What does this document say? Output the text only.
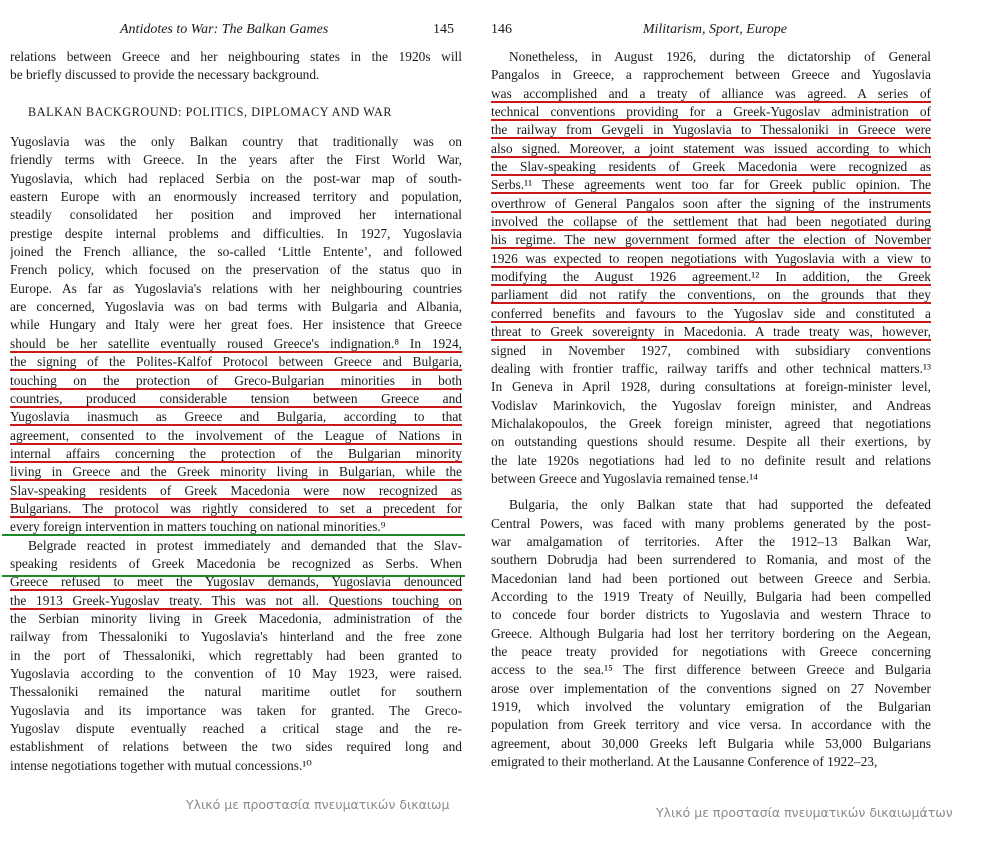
Antidotes to War: The Balkan Games	145
relations between Greece and her neighbouring states in the 1920s will
be briefly discussed to provide the necessary background.
BALKAN BACKGROUND: POLITICS, DIPLOMACY AND WAR
Yugoslavia was the only Balkan country that traditionally was on
friendly terms with Greece. In the years after the First World War,
Yugoslavia, which had replaced Serbia on the post-war map of south-
eastern Europe with an enormously increased territory and population,
steadily consolidated her position and improved her international
prestige despite internal problems and difficulties. In 1927, Yugoslavia
joined the French alliance, the so-called ‘Little Entente’, and followed
French policy, which focused on the preservation of the status quo in
Europe. As far as Yugoslavia's relations with her neighbouring countries
are concerned, Yugoslavia was on bad terms with Bulgaria and Albania,
while Hungary and Italy were her great foes. Her insistence that Greece
should be her satellite eventually roused Greece's indignation.⁸ In 1924,
the signing of the Polites-Kalfof Protocol between Greece and Bulgaria,
touching on the protection of Greco-Bulgarian minorities in both
countries, produced considerable tension between Greece and
Yugoslavia inasmuch as Greece and Bulgaria, according to that
agreement, consented to the involvement of the League of Nations in
internal affairs concerning the protection of the Bulgarian minority
living in Greece and the Greek minority living in Bulgarian, while the
Slav-speaking residents of Greek Macedonia were now recognized as
Bulgarians. The protocol was rightly considered to set a precedent for
every foreign intervention in matters touching on national minorities.⁹
Belgrade reacted in protest immediately and demanded that the Slav-
speaking residents of Greek Macedonia be recognized as Serbs. When
Greece refused to meet the Yugoslav demands, Yugoslavia denounced
the 1913 Greek-Yugoslav treaty. This was not all. Questions touching on
the Serbian minority living in Greek Macedonia, administration of the
railway from Thessaloniki to Yugoslavia's hinterland and the free zone
in the port of Thessaloniki, which regrettably had been granted to
Yugoslavia according to the convention of 10 May 1923, were raised.
Thessaloniki remained the natural maritime outlet for southern
Yugoslavia and its importance was taken for granted. The Greco-
Yugoslav dispute eventually reached a critical stage and the re-
establishment of relations between the two sides required long and
intense negotiations together with mutual concessions.¹⁰
146	Militarism, Sport, Europe
Nonetheless, in August 1926, during the dictatorship of General
Pangalos in Greece, a rapprochement between Greece and Yugoslavia
was accomplished and a treaty of alliance was agreed. A series of
technical conventions providing for a Greek-Yugoslav administration of
the railway from Gevgeli in Yugoslavia to Thessaloniki in Greece were
also signed. Moreover, a joint statement was issued according to which
the Slav-speaking residents of Greek Macedonia were recognized as
Serbs.¹¹ These agreements went too far for Greek public opinion. The
overthrow of General Pangalos soon after the signing of the instruments
involved the collapse of the settlement that had been negotiated during
his regime. The new government formed after the election of November
1926 was expected to reopen negotiations with Yugoslavia with a view to
modifying the August 1926 agreement.¹² In addition, the Greek
parliament did not ratify the conventions, on the grounds that they
conferred benefits and favours to the Yugoslav side and constituted a
threat to Greek sovereignty in Macedonia. A trade treaty was, however,
signed in November 1927, combined with subsidiary conventions
dealing with frontier traffic, railway tariffs and other technical matters.¹³
In Geneva in April 1928, during consultations at foreign-minister level,
Vodislav Marinkovich, the Yugoslav foreign minister, and Andreas
Michalakopoulos, the Greek foreign minister, agreed that negotiations
on outstanding questions should resume. Despite all their exertions, by
the late 1920s negotiations had led to no definite result and relations
between Greece and Yugoslavia remained tense.¹⁴
Bulgaria, the only Balkan state that had supported the defeated
Central Powers, was faced with many problems generated by the post-
war amalgamation of territories. After the 1912–13 Balkan War,
southern Dobrudja had been surrendered to Romania, and most of the
Macedonian land had been portioned out between Greece and Serbia.
According to the 1919 Treaty of Neuilly, Bulgaria had been compelled
to concede four border districts to Yugoslavia and western Thrace to
Greece. Although Bulgaria had lost her territory bordering on the Aegean,
the peace treaty provided for negotiations with Greece concerning
access to the sea.¹⁵ The first difference between Greece and Bulgaria
arose over implementation of the conventions signed on 27 November
1919, which involved the voluntary emigration of the Bulgarian
population from Greek territory and vice versa. In accordance with the
agreement, about 30,000 Greeks left Bulgaria while 53,000 Bulgarians
emigrated to their motherland. At the Lausanne Conference of 1922–23,
Υλικό με προστασία πνευματικών δικαιωμ
Υλικό με προστασία πνευματικών δικαιωμάτων
